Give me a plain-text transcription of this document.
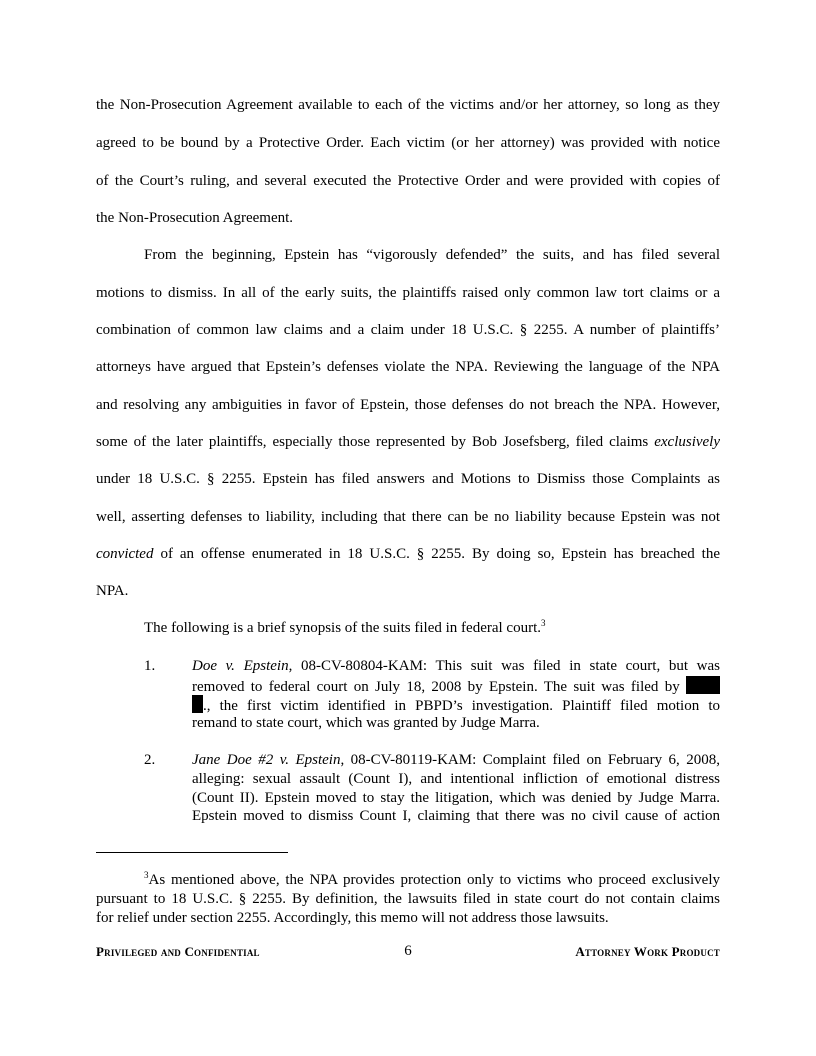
the Non-Prosecution Agreement available to each of the victims and/or her attorney, so long as they
agreed to be bound by a Protective Order. Each victim (or her attorney) was provided with notice
of the Court’s ruling, and several executed the Protective Order and were provided with copies of
the Non-Prosecution Agreement.
From the beginning, Epstein has “vigorously defended” the suits, and has filed several
motions to dismiss. In all of the early suits, the plaintiffs raised only common law tort claims or a
combination of common law claims and a claim under 18 U.S.C. § 2255. A number of plaintiffs’
attorneys have argued that Epstein’s defenses violate the NPA. Reviewing the language of the NPA
and resolving any ambiguities in favor of Epstein, those defenses do not breach the NPA. However,
some of the later plaintiffs, especially those represented by Bob Josefsberg, filed claims exclusively
under 18 U.S.C. § 2255. Epstein has filed answers and Motions to Dismiss those Complaints as
well, asserting defenses to liability, including that there can be no liability because Epstein was not
convicted of an offense enumerated in 18 U.S.C. § 2255. By doing so, Epstein has breached the
NPA.
The following is a brief synopsis of the suits filed in federal court.$^3$
1. Doe v. Epstein, 08-CV-80804-KAM: This suit was filed in state court, but was
removed to federal court on July 18, 2008 by Epstein. The suit was filed by
., the first victim identified in PBPD’s investigation. Plaintiff filed motion to
remand to state court, which was granted by Judge Marra.
2. Jane Doe #2 v. Epstein, 08-CV-80119-KAM: Complaint filed on February 6, 2008,
alleging: sexual assault (Count I), and intentional infliction of emotional distress
(Count II). Epstein moved to stay the litigation, which was denied by Judge Marra.
Epstein moved to dismiss Count I, claiming that there was no civil cause of action
$^3$As mentioned above, the NPA provides protection only to victims who proceed exclusively
pursuant to 18 U.S.C. § 2255. By definition, the lawsuits filed in state court do not contain claims
for relief under section 2255. Accordingly, this memo will not address those lawsuits.
Privileged and Confidential	6	Attorney Work Product
